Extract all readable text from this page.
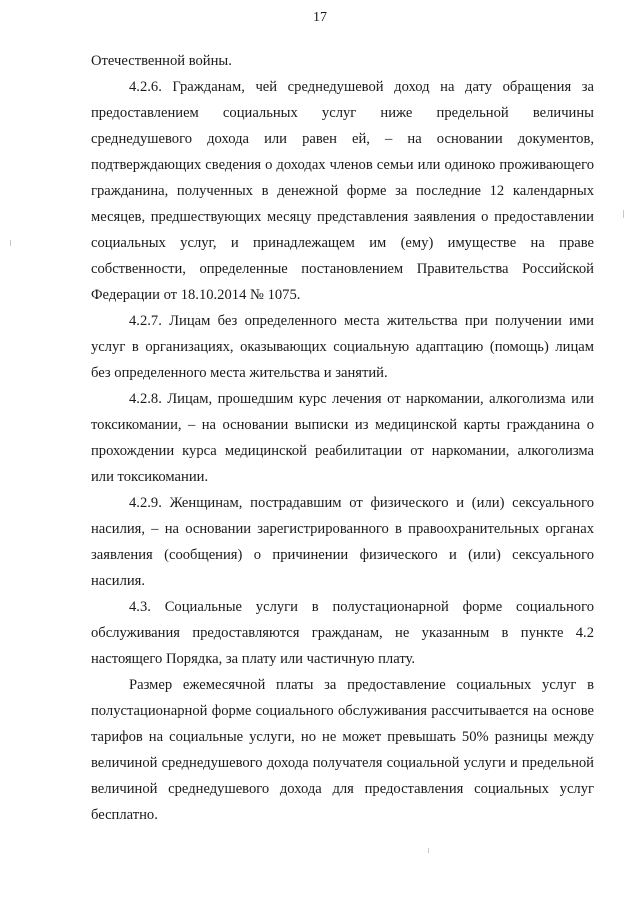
17

Отечественной войны.

4.2.6. Гражданам, чей среднедушевой доход на дату обращения за предоставлением социальных услуг ниже предельной величины среднедушевого дохода или равен ей, – на основании документов, подтверждающих сведения о доходах членов семьи или одиноко проживающего гражданина, полученных в денежной форме за последние 12 календарных месяцев, предшествующих месяцу представления заявления о предоставлении социальных услуг, и принадлежащем им (ему) имуществе на праве собственности, определенные постановлением Правительства Российской Федерации от 18.10.2014 № 1075.

4.2.7. Лицам без определенного места жительства при получении ими услуг в организациях, оказывающих социальную адаптацию (помощь) лицам без определенного места жительства и занятий.

4.2.8. Лицам, прошедшим курс лечения от наркомании, алкоголизма или токсикомании, – на основании выписки из медицинской карты гражданина о прохождении курса медицинской реабилитации от наркомании, алкоголизма или токсикомании.

4.2.9. Женщинам, пострадавшим от физического и (или) сексуального насилия, – на основании зарегистрированного в правоохранительных органах заявления (сообщения) о причинении физического и (или) сексуального насилия.

4.3. Социальные услуги в полустационарной форме социального обслуживания предоставляются гражданам, не указанным в пункте 4.2 настоящего Порядка, за плату или частичную плату.

Размер ежемесячной платы за предоставление социальных услуг в полустационарной форме социального обслуживания рассчитывается на основе тарифов на социальные услуги, но не может превышать 50% разницы между величиной среднедушевого дохода получателя социальной услуги и предельной величиной среднедушевого дохода для предоставления социальных услуг бесплатно.
